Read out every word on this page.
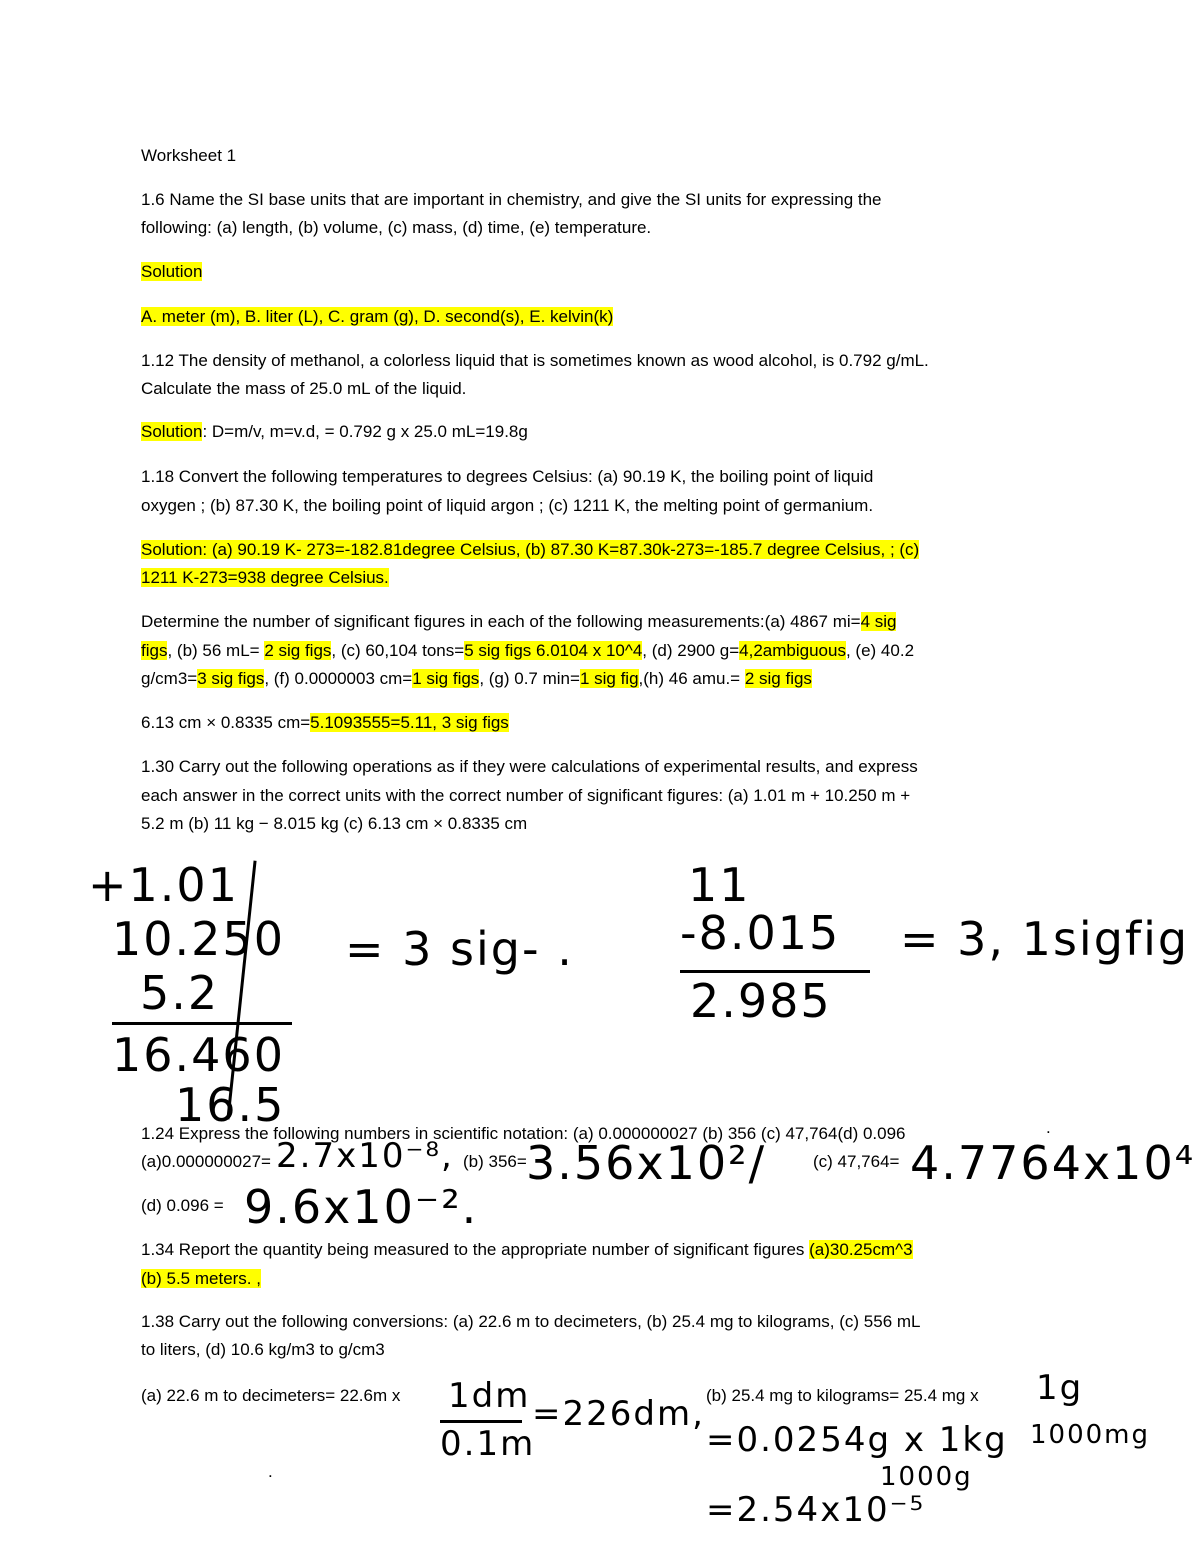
Worksheet 1
1.6 Name the SI base units that are important in chemistry, and give the SI units for expressing the
following: (a) length, (b) volume, (c) mass, (d) time, (e) temperature.
Solution
A. meter (m), B. liter (L), C. gram (g), D. second(s), E. kelvin(k)
1.12 The density of methanol, a colorless liquid that is sometimes known as wood alcohol, is 0.792 g/mL.
Calculate the mass of 25.0 mL of the liquid.
Solution: D=m/v, m=v.d, = 0.792 g x 25.0 mL=19.8g
1.18 Convert the following temperatures to degrees Celsius: (a) 90.19 K, the boiling point of liquid
oxygen ; (b) 87.30 K, the boiling point of liquid argon ; (c) 1211 K, the melting point of germanium.
Solution: (a) 90.19 K- 273=-182.81degree Celsius, (b) 87.30 K=87.30k-273=-185.7 degree Celsius, ; (c)
1211 K-273=938 degree Celsius.
Determine the number of significant figures in each of the following measurements:(a) 4867 mi=4 sig
figs, (b) 56 mL= 2 sig figs, (c) 60,104 tons=5 sig figs 6.0104 x 10^4, (d) 2900 g=4,2ambiguous, (e) 40.2
g/cm3=3 sig figs, (f) 0.0000003 cm=1 sig figs, (g) 0.7 min=1 sig fig,(h) 46 amu.= 2 sig figs
6.13 cm × 0.8335 cm=5.1093555=5.11, 3 sig figs
1.30 Carry out the following operations as if they were calculations of experimental results, and express
each answer in the correct units with the correct number of significant figures: (a) 1.01 m + 10.250 m +
5.2 m (b) 11 kg − 8.015 kg (c) 6.13 cm × 0.8335 cm
+1.01
10.250
5.2
16.460
16.5
= 3 sig- .
11
-8.015
2.985
= 3, 1sigfig
1.24 Express the following numbers in scientific notation: (a) 0.000000027 (b) 356 (c) 47,764(d) 0.096
(a)0.000000027= 2.7x10⁻⁸, (b) 356= 3.56x10²/	(c) 47,764= 4.7764x10⁴
(d) 0.096 = 9.6x10⁻².
.
1.34 Report the quantity being measured to the appropriate number of significant figures (a)30.25cm^3
(b) 5.5 meters. ,
1.38 Carry out the following conversions: (a) 22.6 m to decimeters, (b) 25.4 mg to kilograms, (c) 556 mL
to liters, (d) 10.6 kg/m3 to g/cm3
(a) 22.6 m to decimeters= 22.6m x 1dm
0.1m
=226dm, (b) 25.4 mg to kilograms= 25.4 mg x 1g
1000mg
=0.0254g x 1kg
1000g
=2.54x10⁻⁵
.
